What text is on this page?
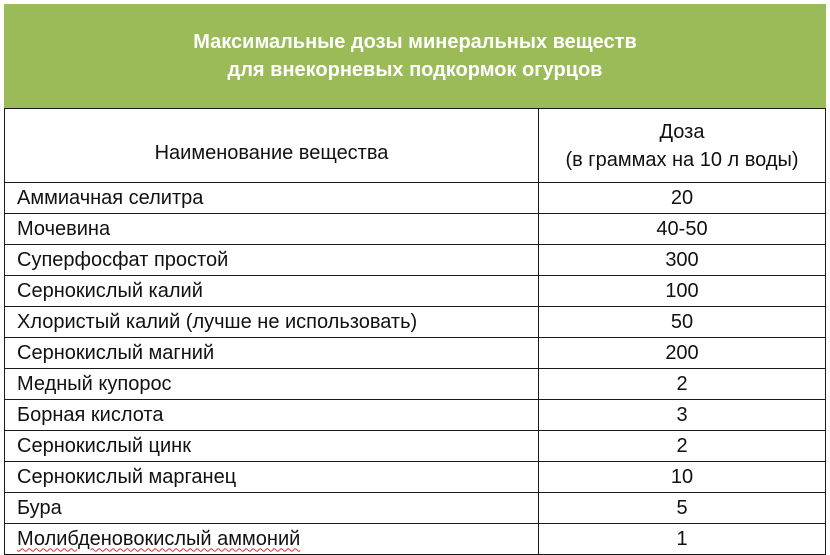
Максимальные дозы минеральных веществ
для внекорневых подкормок огурцов
Наименование вещества	Доза
(в граммах на 10 л воды)

Аммиачная селитра	20
Мочевина	40-50
Суперфосфат простой	300
Сернокислый калий	100
Хлористый калий (лучше не использовать)	50
Сернокислый магний	200
Медный купорос	2
Борная кислота	3
Сернокислый цинк	2
Сернокислый марганец	10
Бура	5
Молибденовокислый аммоний	1
